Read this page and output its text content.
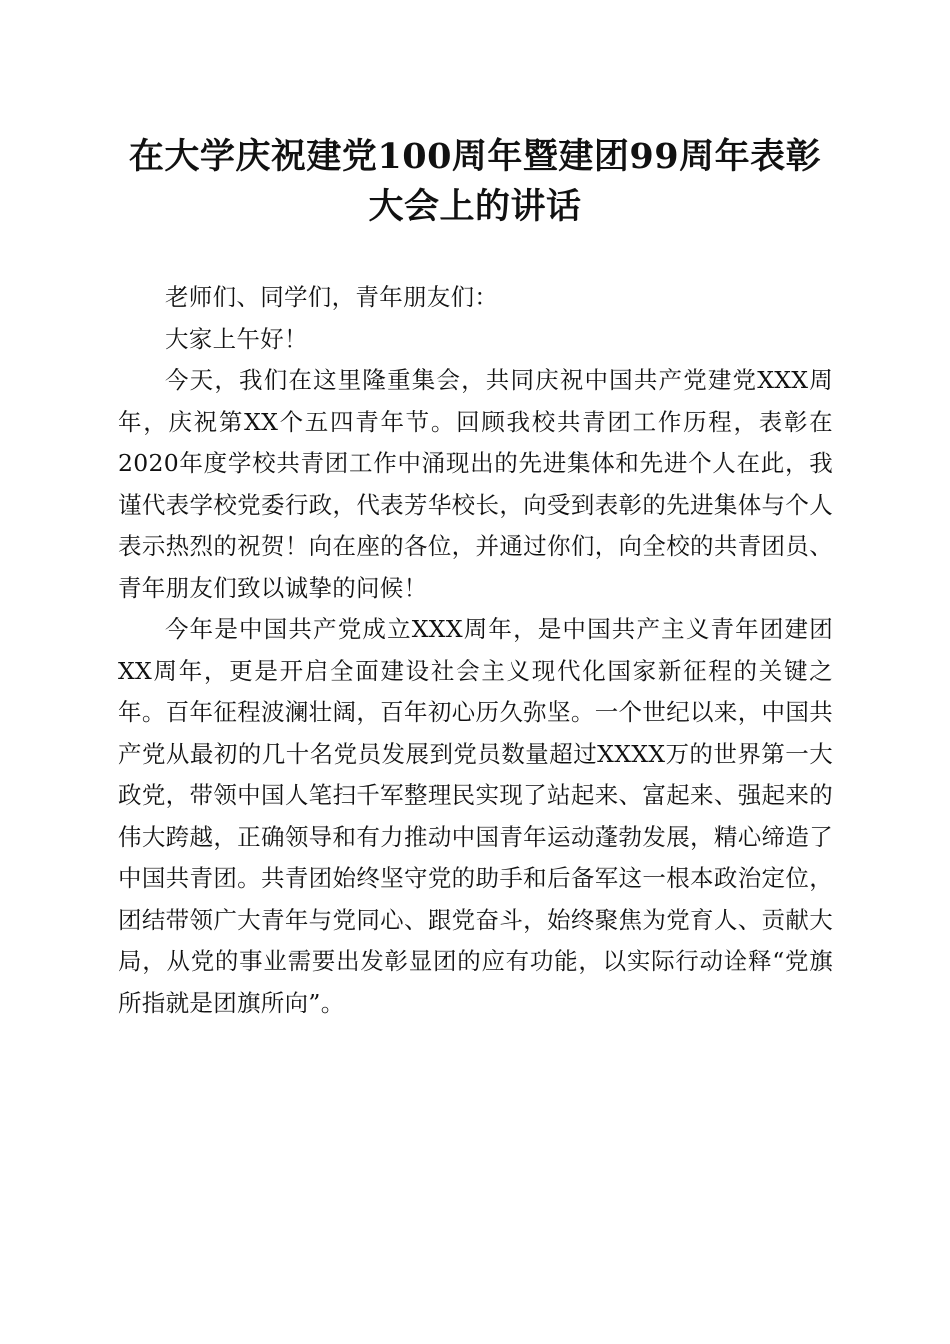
在大学庆祝建党100周年暨建团99周年表彰
大会上的讲话

老师们、同学们，青年朋友们：

大家上午好！

今天，我们在这里隆重集会，共同庆祝中国共产党建党XXX周年，庆祝第XX个五四青年节。回顾我校共青团工作历程，表彰在2020年度学校共青团工作中涌现出的先进集体和先进个人在此，我谨代表学校党委行政，代表芳华校长，向受到表彰的先进集体与个人表示热烈的祝贺！向在座的各位，并通过你们，向全校的共青团员、青年朋友们致以诚挚的问候！

今年是中国共产党成立XXX周年，是中国共产主义青年团建团XX周年，更是开启全面建设社会主义现代化国家新征程的关键之年。百年征程波澜壮阔，百年初心历久弥坚。一个世纪以来，中国共产党从最初的几十名党员发展到党员数量超过XXXX万的世界第一大政党，带领中国人笔扫千军整理民实现了站起来、富起来、强起来的伟大跨越，正确领导和有力推动中国青年运动蓬勃发展，精心缔造了中国共青团。共青团始终坚守党的助手和后备军这一根本政治定位，团结带领广大青年与党同心、跟党奋斗，始终聚焦为党育人、贡献大局，从党的事业需要出发彰显团的应有功能，以实际行动诠释“党旗所指就是团旗所向”。
